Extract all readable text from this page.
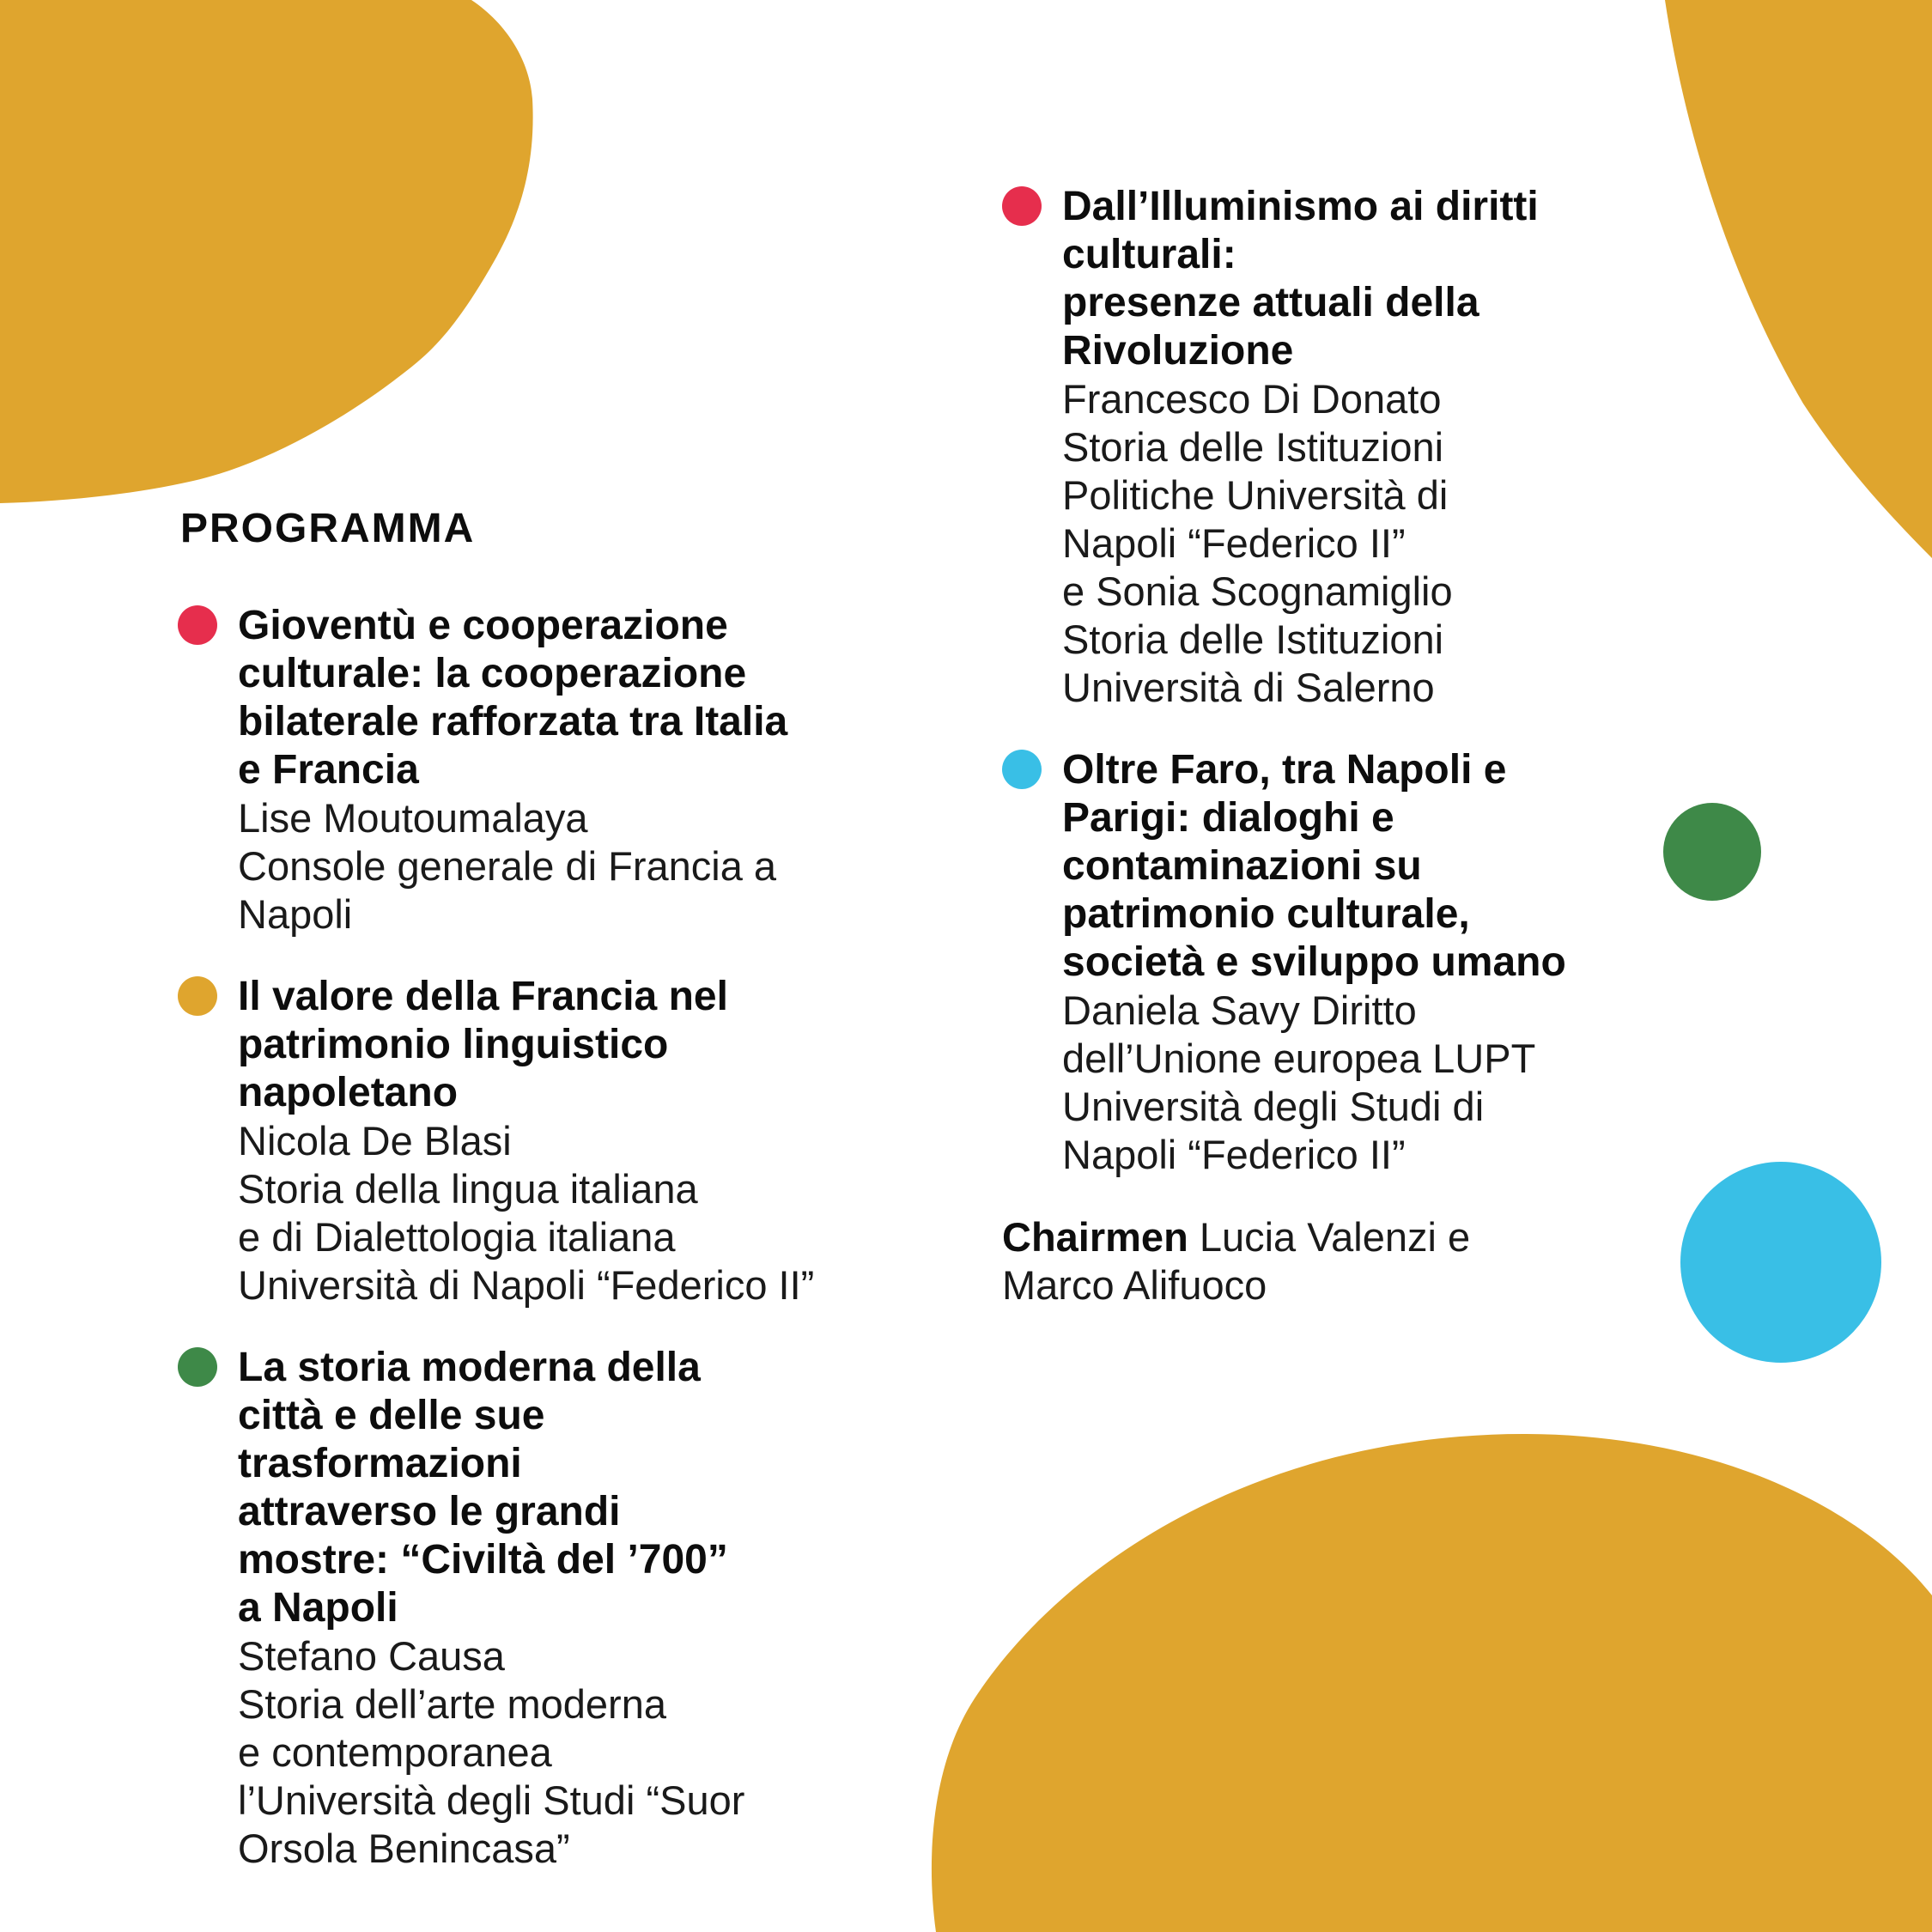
PROGRAMMA
Gioventù e cooperazione
culturale: la cooperazione
bilaterale rafforzata tra Italia
e Francia
Lise Moutoumalaya
Console generale di Francia a
Napoli
Il valore della Francia nel
patrimonio linguistico
napoletano
Nicola De Blasi
Storia della lingua italiana
e di Dialettologia italiana
Università di Napoli “Federico II”
La storia moderna della
città e delle sue
trasformazioni
attraverso le grandi
mostre: “Civiltà del ’700”
a Napoli
Stefano Causa
Storia dell’arte moderna
e contemporanea
l’Università degli Studi “Suor
Orsola Benincasa”
Dall’Illuminismo ai diritti
culturali:
presenze attuali della
Rivoluzione
Francesco Di Donato
Storia delle Istituzioni
Politiche Università di
Napoli “Federico II”
e Sonia Scognamiglio
Storia delle Istituzioni
Università di Salerno
Oltre Faro, tra Napoli e
Parigi: dialoghi e
contaminazioni su
patrimonio culturale,
società e sviluppo umano
Daniela Savy Diritto
dell’Unione europea LUPT
Università degli Studi di
Napoli “Federico II”
Chairmen Lucia Valenzi e
Marco Alifuoco
